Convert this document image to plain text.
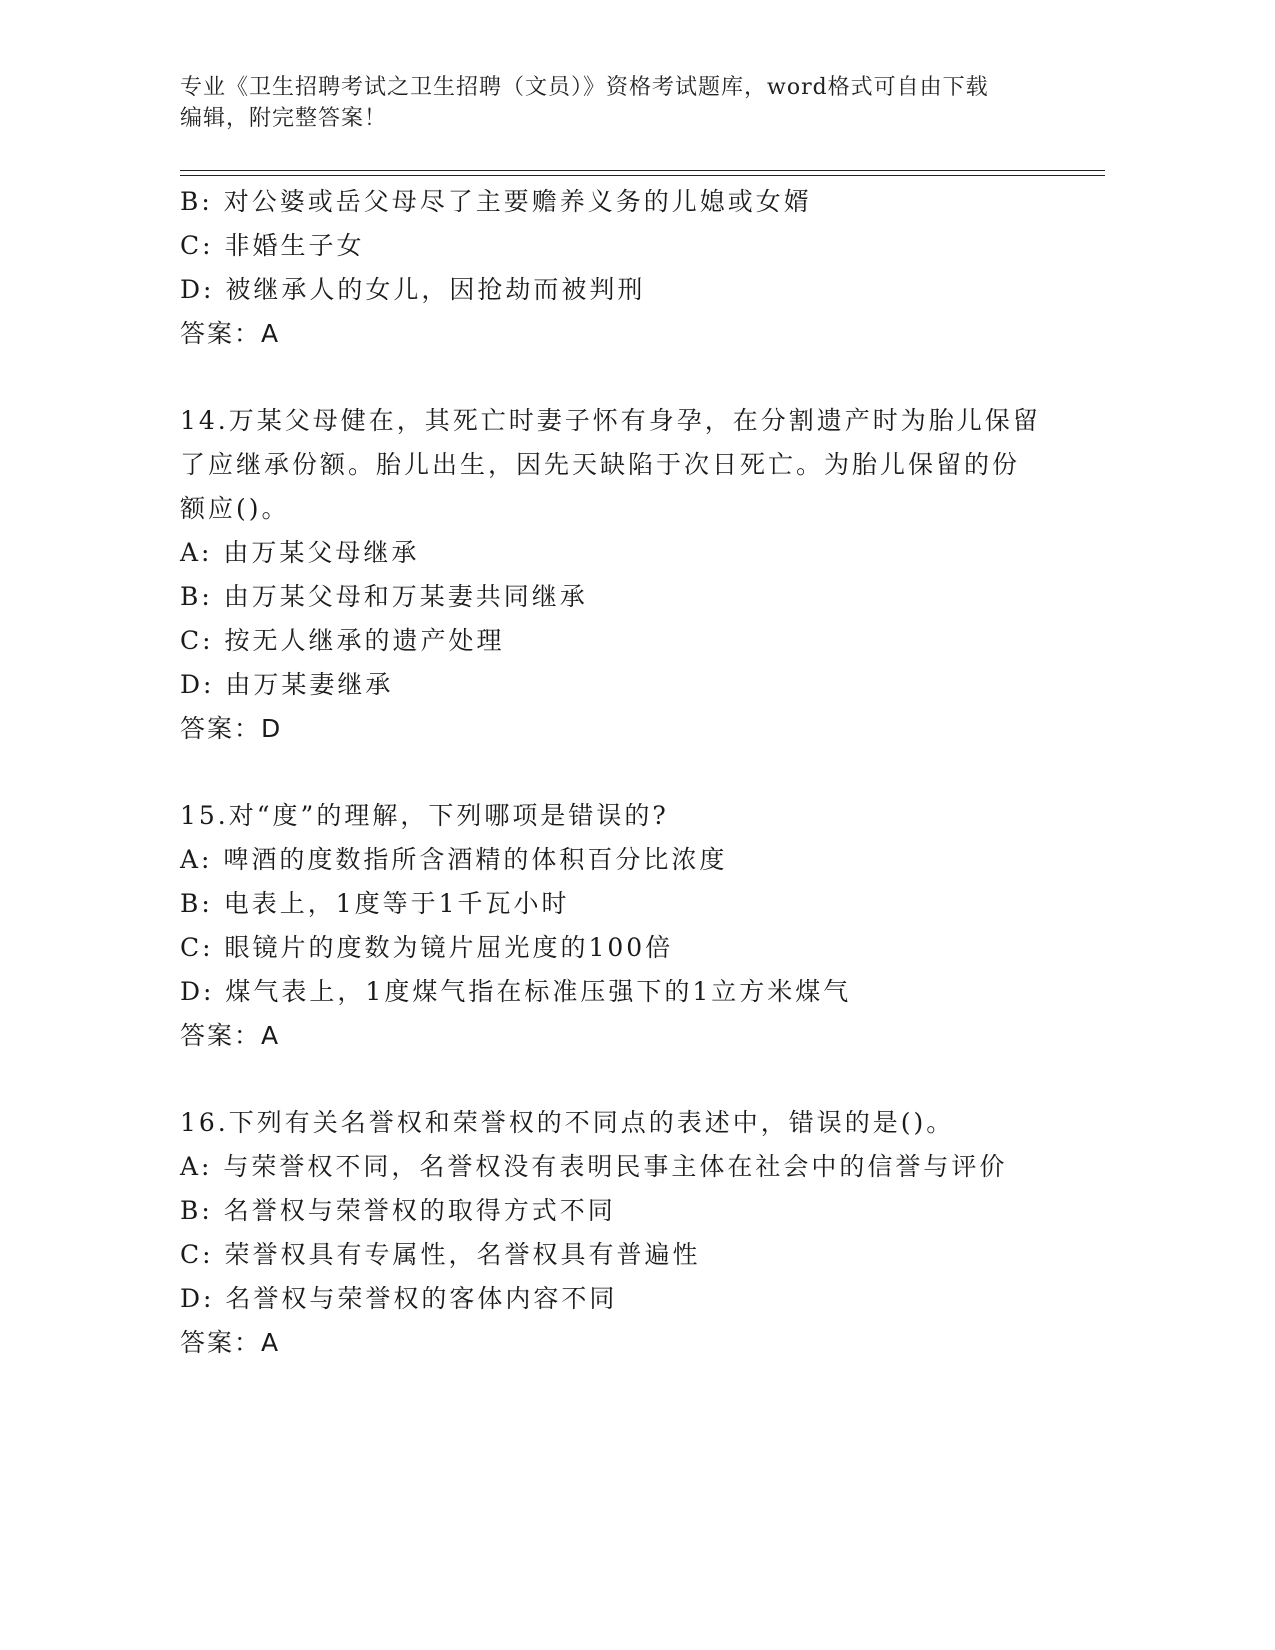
专业《卫生招聘考试之卫生招聘（文员）》资格考试题库，word格式可自由下载
编辑，附完整答案！
B: 对公婆或岳父母尽了主要赡养义务的儿媳或女婿
C: 非婚生子女
D: 被继承人的女儿，因抢劫而被判刑
答案：A
14.万某父母健在，其死亡时妻子怀有身孕，在分割遗产时为胎儿保留
了应继承份额。胎儿出生，因先天缺陷于次日死亡。为胎儿保留的份
额应()。
A: 由万某父母继承
B: 由万某父母和万某妻共同继承
C: 按无人继承的遗产处理
D: 由万某妻继承
答案：D
15.对“度”的理解，下列哪项是错误的?
A: 啤酒的度数指所含酒精的体积百分比浓度
B: 电表上，1度等于1千瓦小时
C: 眼镜片的度数为镜片屈光度的100倍
D: 煤气表上，1度煤气指在标准压强下的1立方米煤气
答案：A
16.下列有关名誉权和荣誉权的不同点的表述中，错误的是()。
A: 与荣誉权不同，名誉权没有表明民事主体在社会中的信誉与评价
B: 名誉权与荣誉权的取得方式不同
C: 荣誉权具有专属性，名誉权具有普遍性
D: 名誉权与荣誉权的客体内容不同
答案：A
